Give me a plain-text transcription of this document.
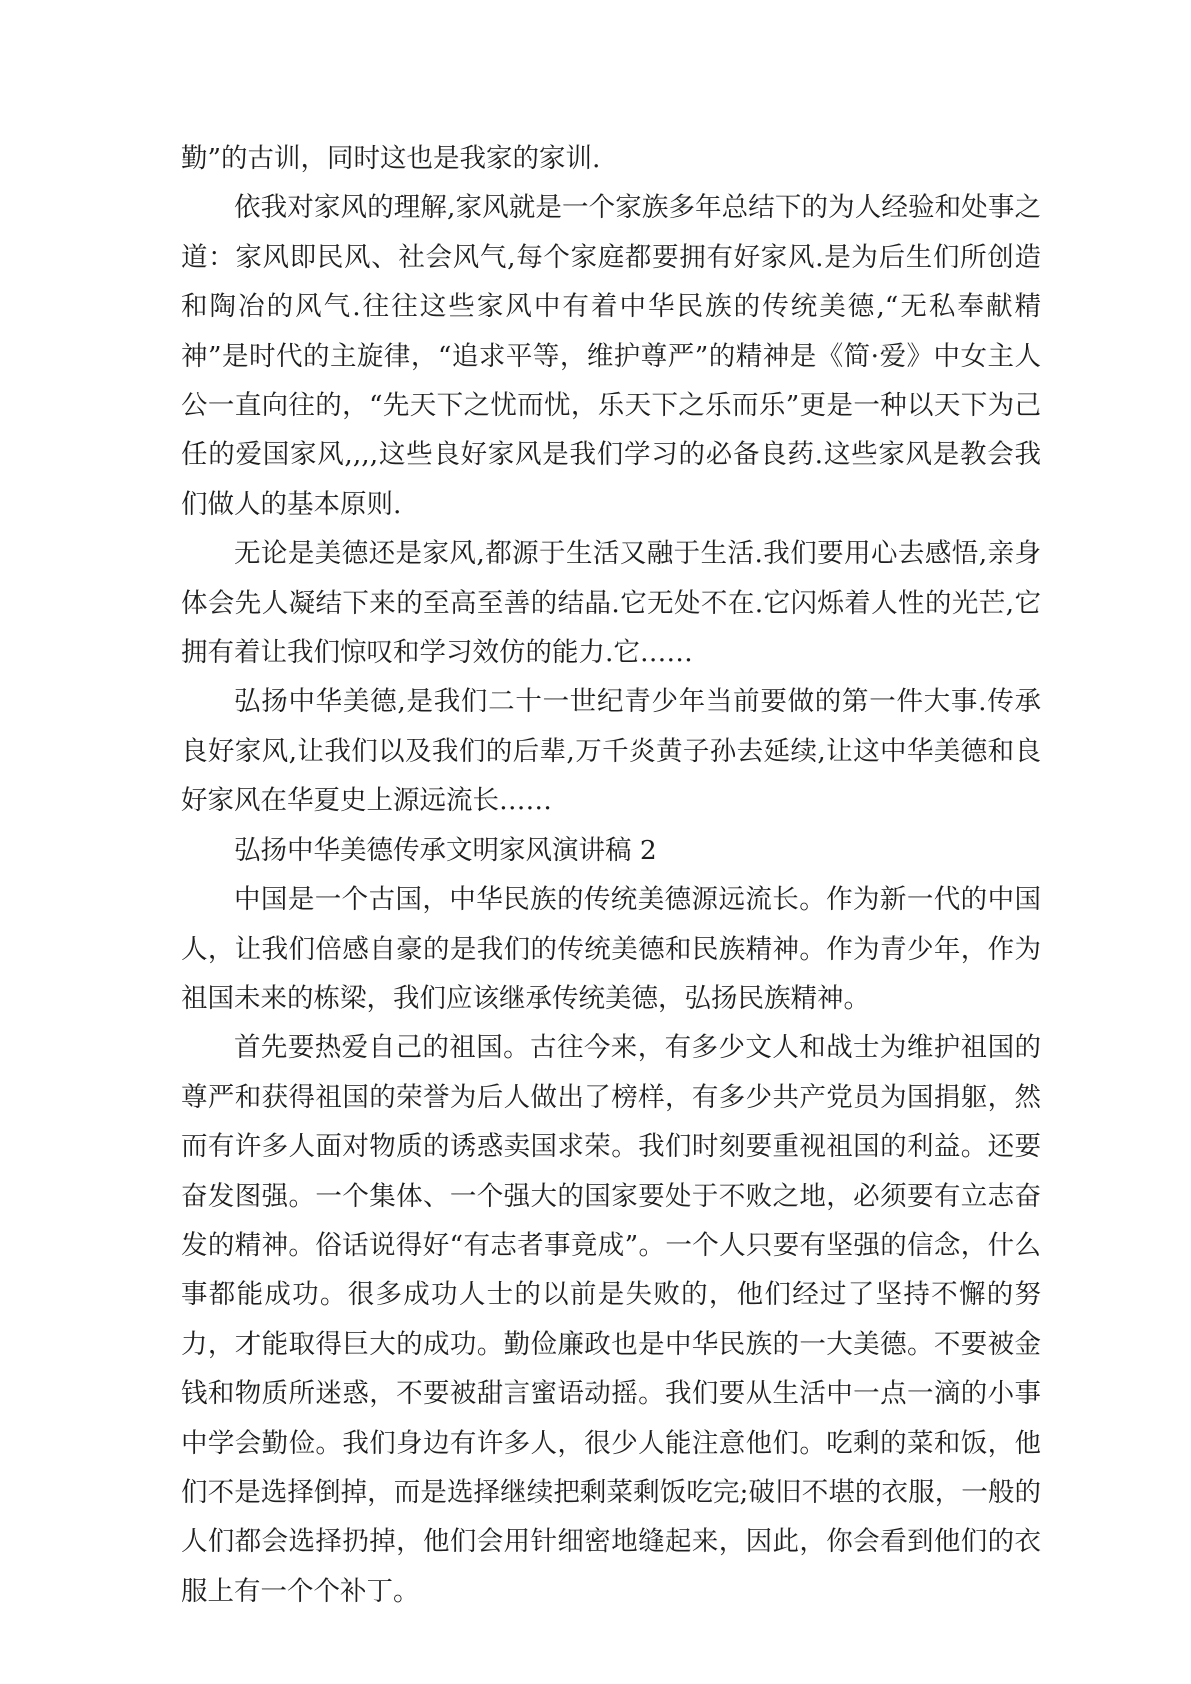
勤”的古训，同时这也是我家的家训.

依我对家风的理解,家风就是一个家族多年总结下的为人经验和处事之道：家风即民风、社会风气,每个家庭都要拥有好家风.是为后生们所创造和陶冶的风气.往往这些家风中有着中华民族的传统美德,“无私奉献精神”是时代的主旋律，“追求平等，维护尊严”的精神是《简·爱》中女主人公一直向往的，“先天下之忧而忧，乐天下之乐而乐”更是一种以天下为己任的爱国家风,,,,这些良好家风是我们学习的必备良药.这些家风是教会我们做人的基本原则.

无论是美德还是家风,都源于生活又融于生活.我们要用心去感悟,亲身体会先人凝结下来的至高至善的结晶.它无处不在.它闪烁着人性的光芒,它拥有着让我们惊叹和学习效仿的能力.它……

弘扬中华美德,是我们二十一世纪青少年当前要做的第一件大事.传承良好家风,让我们以及我们的后辈,万千炎黄子孙去延续,让这中华美德和良好家风在华夏史上源远流长……

弘扬中华美德传承文明家风演讲稿 2

中国是一个古国，中华民族的传统美德源远流长。作为新一代的中国人，让我们倍感自豪的是我们的传统美德和民族精神。作为青少年，作为祖国未来的栋梁，我们应该继承传统美德，弘扬民族精神。

首先要热爱自己的祖国。古往今来，有多少文人和战士为维护祖国的尊严和获得祖国的荣誉为后人做出了榜样，有多少共产党员为国捐躯，然而有许多人面对物质的诱惑卖国求荣。我们时刻要重视祖国的利益。还要奋发图强。一个集体、一个强大的国家要处于不败之地，必须要有立志奋发的精神。俗话说得好“有志者事竟成”。一个人只要有坚强的信念，什么事都能成功。很多成功人士的以前是失败的，他们经过了坚持不懈的努力，才能取得巨大的成功。勤俭廉政也是中华民族的一大美德。不要被金钱和物质所迷惑，不要被甜言蜜语动摇。我们要从生活中一点一滴的小事中学会勤俭。我们身边有许多人，很少人能注意他们。吃剩的菜和饭，他们不是选择倒掉，而是选择继续把剩菜剩饭吃完;破旧不堪的衣服，一般的人们都会选择扔掉，他们会用针细密地缝起来，因此，你会看到他们的衣服上有一个个补丁。
